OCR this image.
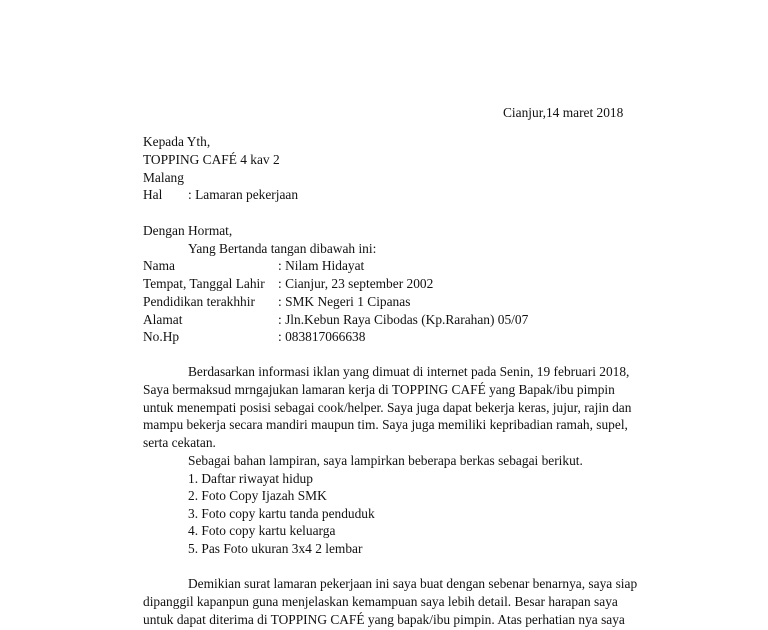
Cianjur,14 maret 2018
Kepada Yth,
TOPPING CAFÉ 4 kav 2
Malang
Hal : Lamaran pekerjaan
Dengan Hormat,
Yang Bertanda tangan dibawah ini:
Nama	: Nilam Hidayat
Tempat, Tanggal Lahir : Cianjur, 23 september 2002
Pendidikan terakhhir : SMK Negeri 1 Cipanas
Alamat	: Jln.Kebun Raya Cibodas (Kp.Rarahan) 05/07
No.Hp	: 083817066638
Berdasarkan informasi iklan yang dimuat di internet pada Senin, 19 februari 2018,
Saya bermaksud mrngajukan lamaran kerja di TOPPING CAFÉ yang Bapak/ibu pimpin
untuk menempati posisi sebagai cook/helper. Saya juga dapat bekerja keras, jujur, rajin dan
mampu bekerja secara mandiri maupun tim. Saya juga memiliki kepribadian ramah, supel,
serta cekatan.
Sebagai bahan lampiran, saya lampirkan beberapa berkas sebagai berikut.
1. Daftar riwayat hidup
2. Foto Copy Ijazah SMK
3. Foto copy kartu tanda penduduk
4. Foto copy kartu keluarga
5. Pas Foto ukuran 3x4 2 lembar
Demikian surat lamaran pekerjaan ini saya buat dengan sebenar benarnya, saya siap
dipanggil kapanpun guna menjelaskan kemampuan saya lebih detail. Besar harapan saya
untuk dapat diterima di TOPPING CAFÉ yang bapak/ibu pimpin. Atas perhatian nya saya
